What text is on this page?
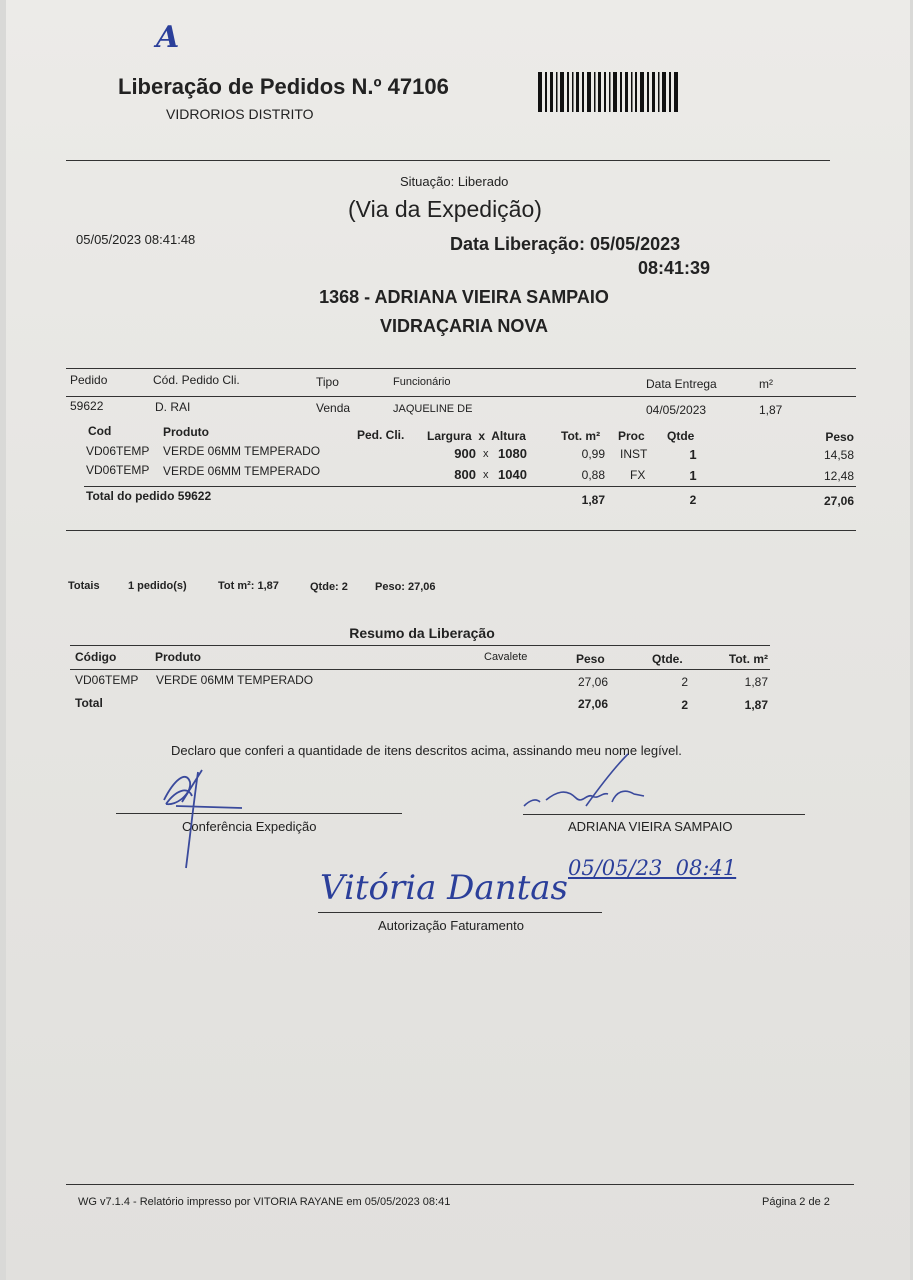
A
Liberação de Pedidos N.º 47106
VIDRORIOS DISTRITO
Situação: Liberado
(Via da Expedição)
05/05/2023 08:41:48	Data Liberação: 05/05/2023
08:41:39
1368 - ADRIANA VIEIRA SAMPAIO
VIDRAÇARIA NOVA
Pedido	Cód. Pedido Cli.	Tipo	Funcionário	Data Entrega	m²
59622	D. RAI	Venda	JAQUELINE DE	04/05/2023	1,87
Cod	Produto	Ped. Cli. Largura  x  Altura	Tot. m² Proc Qtde	Peso
VD06TEMP VERDE 06MM TEMPERADO	900 x 1080	0,99 INST	1	14,58
VD06TEMP VERDE 06MM TEMPERADO	800 x 1040	0,88 FX	1	12,48
Total do pedido 59622	1,87	2	27,06
Totais	1 pedido(s)	Tot m²: 1,87	Qtde: 2 Peso: 27,06
Resumo da Liberação
Código	Produto	Cavalete	Peso	Qtde.	Tot. m²
VD06TEMP VERDE 06MM TEMPERADO	27,06	2	1,87
Total	27,06	2	1,87
Declaro que conferi a quantidade de itens descritos acima, assinando meu nome legível.
Conferência Expedição	ADRIANA VIEIRA SAMPAIO
05/05/23  08:41
Vitória Dantas
Autorização Faturamento
WG v7.1.4 - Relatório impresso por VITORIA RAYANE em 05/05/2023 08:41	Página 2 de 2
